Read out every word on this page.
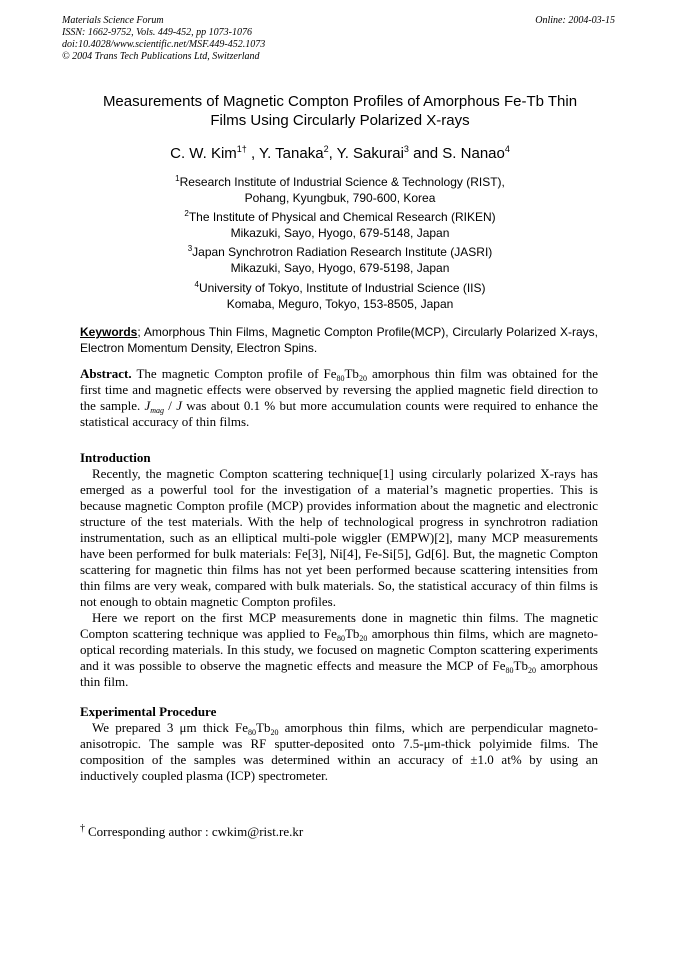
Materials Science Forum
ISSN: 1662-9752, Vols. 449-452, pp 1073-1076
doi:10.4028/www.scientific.net/MSF.449-452.1073
© 2004 Trans Tech Publications Ltd, Switzerland
Online: 2004-03-15
Measurements of Magnetic Compton Profiles of Amorphous Fe-Tb Thin
Films Using Circularly Polarized X-rays
C. W. Kim$^{1\dagger}$ , Y. Tanaka$^2$, Y. Sakurai$^3$ and S. Nanao$^4$
$^1$Research Institute of Industrial Science & Technology (RIST),
Pohang, Kyungbuk, 790-600, Korea
$^2$The Institute of Physical and Chemical Research (RIKEN)
Mikazuki, Sayo, Hyogo, 679-5148, Japan
$^3$Japan Synchrotron Radiation Research Institute (JASRI)
Mikazuki, Sayo, Hyogo, 679-5198, Japan
$^4$University of Tokyo, Institute of Industrial Science (IIS)
Komaba, Meguro, Tokyo, 153-8505, Japan
Keywords; Amorphous Thin Films, Magnetic Compton Profile(MCP), Circularly Polarized X-rays, Electron Momentum Density, Electron Spins.

Abstract. The magnetic Compton profile of $Fe_{80}Tb_{20}$ amorphous thin film was obtained for the first time and magnetic effects were observed by reversing the applied magnetic field direction to the sample. $J_{mag}$ / J was about 0.1 % but more accumulation counts were required to enhance the statistical accuracy of thin films.

Introduction

Recently, the magnetic Compton scattering technique[1] using circularly polarized X-rays has emerged as a powerful tool for the investigation of a material’s magnetic properties. This is because magnetic Compton profile (MCP) provides information about the magnetic and electronic structure of the test materials. With the help of technological progress in synchrotron radiation instrumentation, such as an elliptical multi-pole wiggler (EMPW)[2], many MCP measurements have been performed for bulk materials: Fe[3], Ni[4], Fe-Si[5], Gd[6]. But, the magnetic Compton scattering for magnetic thin films has not yet been performed because scattering intensities from thin films are very weak, compared with bulk materials. So, the statistical accuracy of thin films is not enough to obtain magnetic Compton profiles.

Here we report on the first MCP measurements done in magnetic thin films. The magnetic Compton scattering technique was applied to $Fe_{80}Tb_{20}$ amorphous thin films, which are magneto-optical recording materials. In this study, we focused on magnetic Compton scattering experiments and it was possible to observe the magnetic effects and measure the MCP of $Fe_{80}Tb_{20}$ amorphous thin film.

Experimental Procedure

We prepared 3 μm thick $Fe_{80}Tb_{20}$ amorphous thin films, which are perpendicular magneto-anisotropic. The sample was RF sputter-deposited onto 7.5-μm-thick polyimide films. The composition of the samples was determined within an accuracy of ±1.0 at% by using an inductively coupled plasma (ICP) spectrometer.

† Corresponding author : cwkim@rist.re.kr
